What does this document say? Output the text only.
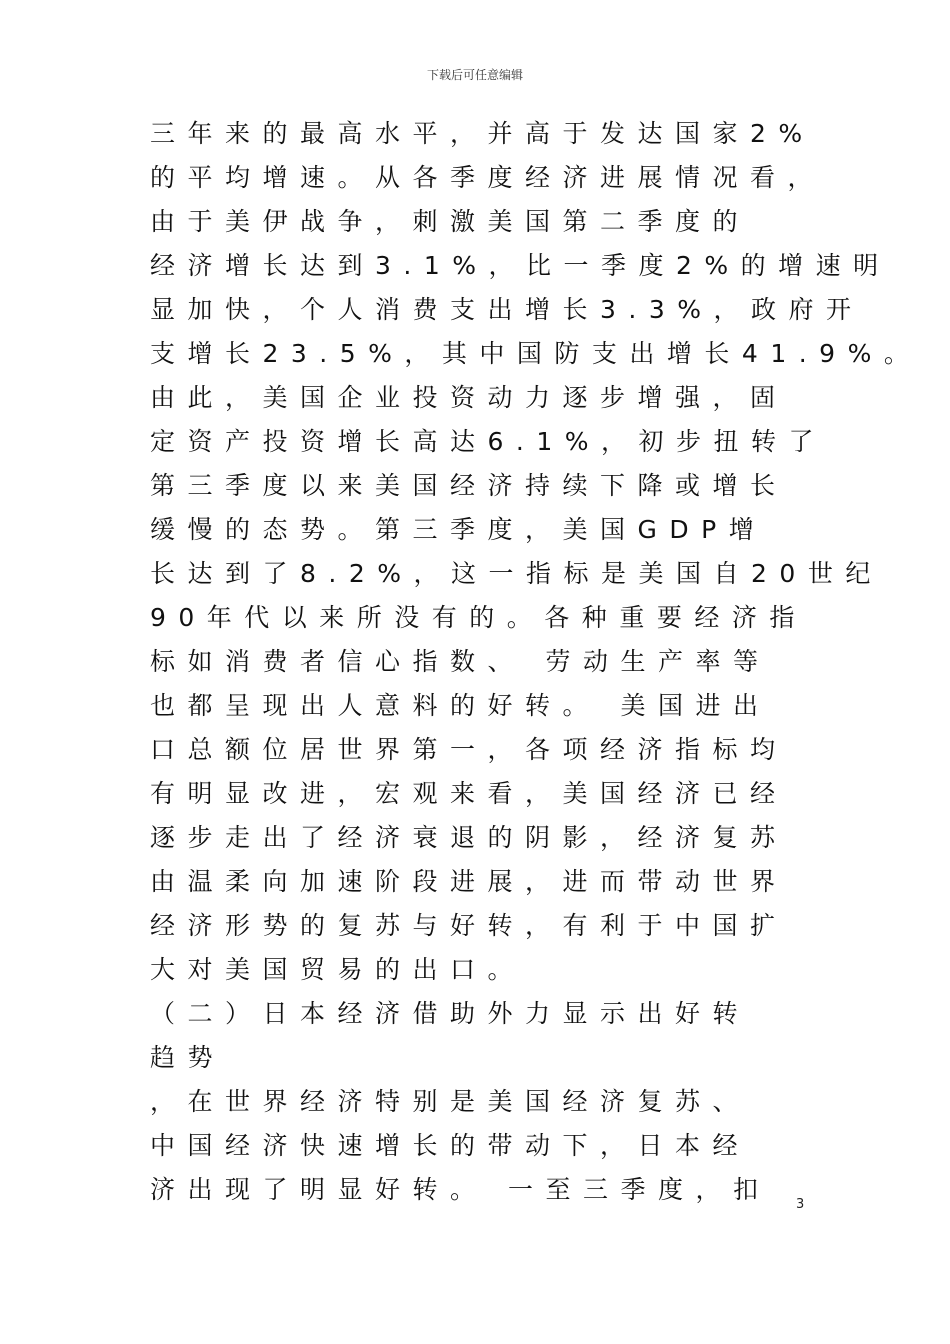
下载后可任意编辑
三年来的最高水平，并高于发达国家2%
的平均增速。从各季度经济进展情况看，
由于美伊战争，刺激美国第二季度的
经济增长达到3.1%，比一季度2%的增速明
显加快，个人消费支出增长3.3%，政府开
支增长23.5%，其中国防支出增长41.9%。
由此，美国企业投资动力逐步增强，固
定资产投资增长高达6.1%，初步扭转了
第三季度以来美国经济持续下降或增长
缓慢的态势。第三季度，美国GDP增
长达到了8.2%，这一指标是美国自20世纪
90年代以来所没有的。各种重要经济指
标如消费者信心指数、 劳动生产率等
也都呈现出人意料的好转。 美国进出
口总额位居世界第一，各项经济指标均
有明显改进，宏观来看，美国经济已经
逐步走出了经济衰退的阴影，经济复苏
由温柔向加速阶段进展，进而带动世界
经济形势的复苏与好转，有利于中国扩
大对美国贸易的出口。
（二）日本经济借助外力显示出好转
趋势
，在世界经济特别是美国经济复苏、
中国经济快速增长的带动下，日本经
济出现了明显好转。 一至三季度，扣
3
